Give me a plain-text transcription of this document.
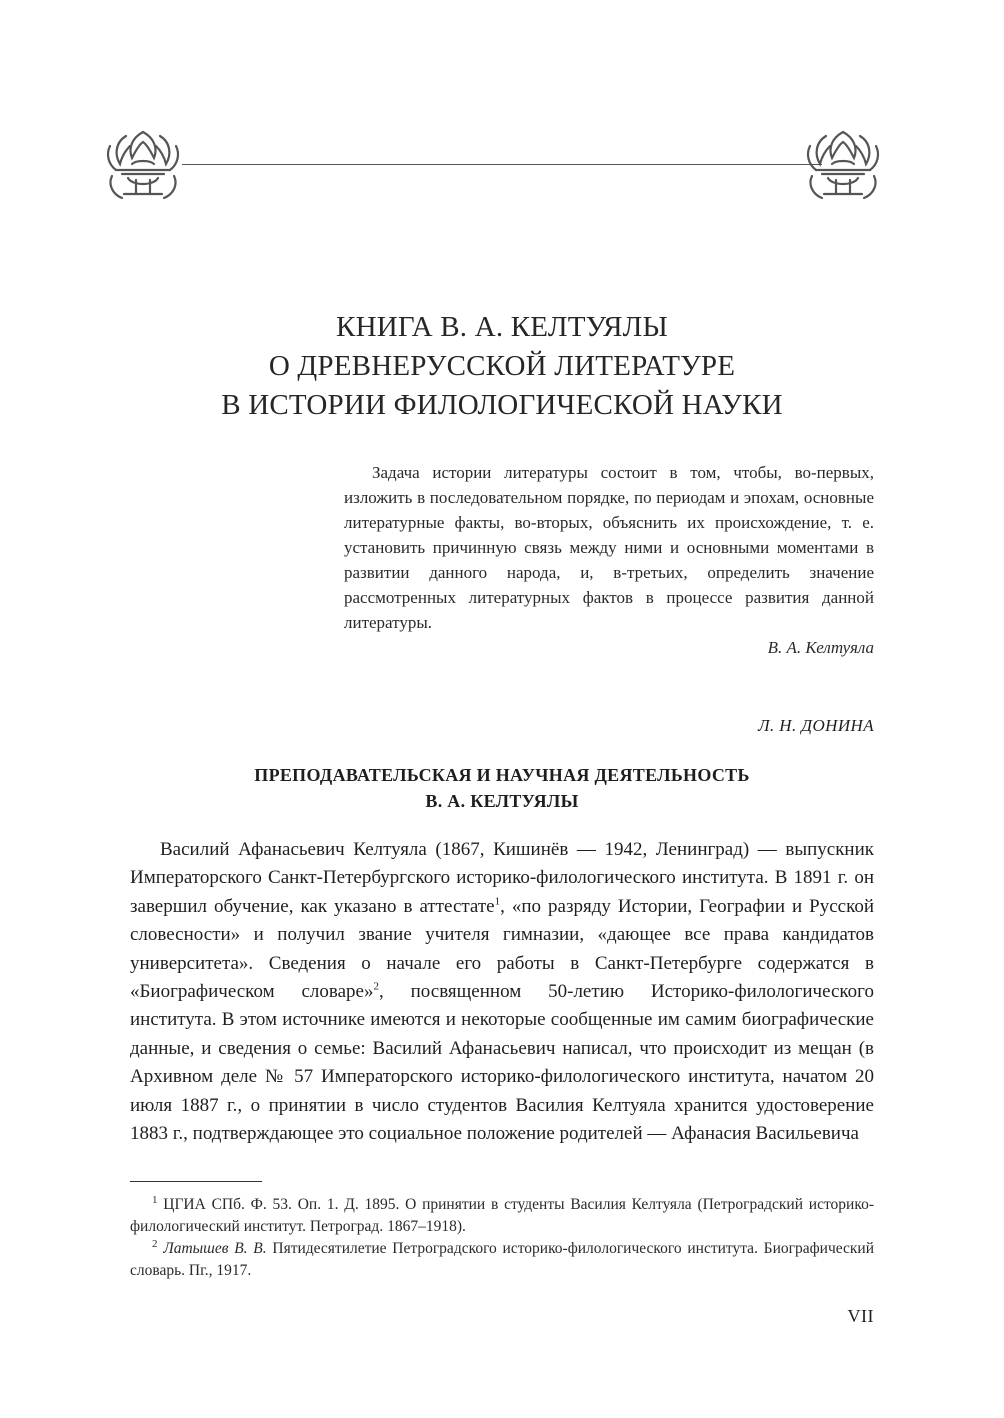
КНИГА В. А. КЕЛТУЯЛЫ
О ДРЕВНЕРУССКОЙ ЛИТЕРАТУРЕ
В ИСТОРИИ ФИЛОЛОГИЧЕСКОЙ НАУКИ

Задача истории литературы состоит в том, чтобы, во-первых, изложить в последовательном порядке, по периодам и эпохам, основные литературные факты, во-вторых, объяснить их происхождение, т. е. установить причинную связь между ними и основными моментами в развитии данного народа, и, в-третьих, определить значение рассмотренных литературных фактов в процессе развития данной литературы.

В. А. Келтуяла
Л. Н. ДОНИНА
ПРЕПОДАВАТЕЛЬСКАЯ И НАУЧНАЯ ДЕЯТЕЛЬНОСТЬ
В. А. КЕЛТУЯЛЫ

Василий Афанасьевич Келтуяла (1867, Кишинёв — 1942, Ленинград) — выпускник Императорского Санкт-Петербургского историко-филологического института. В 1891 г. он завершил обучение, как указано в аттестате$^1$, «по разряду Истории, Географии и Русской словесности» и получил звание учителя гимназии, «дающее все права кандидатов университета». Сведения о начале его работы в Санкт-Петербурге содержатся в «Биографическом словаре»$^2$, посвященном 50-летию Историко-филологического института. В этом источнике имеются и некоторые сообщенные им самим биографические данные, и сведения о семье: Василий Афанасьевич написал, что происходит из мещан (в Архивном деле № 57 Императорского историко-филологического института, начатом 20 июля 1887 г., о принятии в число студентов Василия Келтуяла хранится удостоверение 1883 г., подтверждающее это социальное положение родителей — Афанасия Васильевича

$^1$ ЦГИА СПб. Ф. 53. Оп. 1. Д. 1895. О принятии в студенты Василия Келтуяла (Петроградский историко-филологический институт. Петроград. 1867–1918).

$^2$ Латышев В. В. Пятидесятилетие Петроградского историко-филологического института. Биографический словарь. Пг., 1917.

VII
